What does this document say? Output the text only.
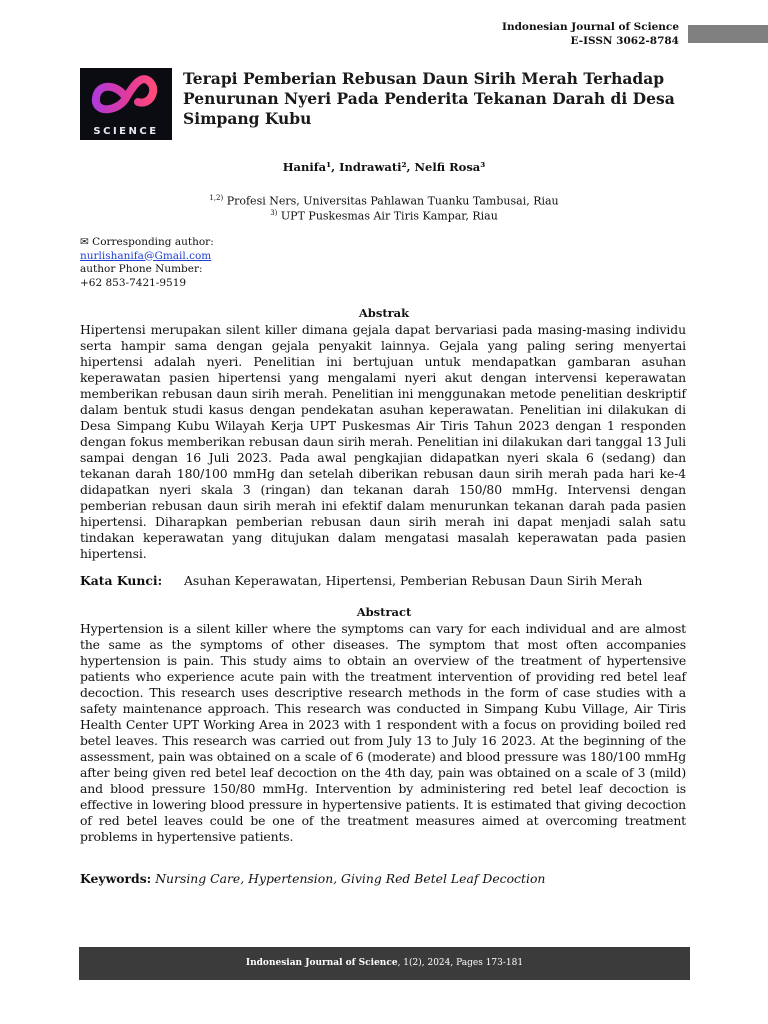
Indonesian Journal of Science
E-ISSN 3062-8784
SCIENCE
Terapi Pemberian Rebusan Daun Sirih Merah Terhadap Penurunan Nyeri Pada Penderita Tekanan Darah di Desa Simpang Kubu
Hanifa¹, Indrawati², Nelfi Rosa³
$^{1,2)}$ Profesi Ners, Universitas Pahlawan Tuanku Tambusai, Riau
$^{3)}$ UPT Puskesmas Air Tiris Kampar, Riau
✉ Corresponding author:
nurlishanifa@Gmail.com
author Phone Number:
+62 853-7421-9519
Abstrak

Hipertensi merupakan silent killer dimana gejala dapat bervariasi pada masing-masing individu serta hampir sama dengan gejala penyakit lainnya. Gejala yang paling sering menyertai hipertensi adalah nyeri. Penelitian ini bertujuan untuk mendapatkan gambaran asuhan keperawatan pasien hipertensi yang mengalami nyeri akut dengan intervensi keperawatan memberikan rebusan daun sirih merah. Penelitian ini menggunakan metode penelitian deskriptif dalam bentuk studi kasus dengan pendekatan asuhan keperawatan. Penelitian ini dilakukan di Desa Simpang Kubu Wilayah Kerja UPT Puskesmas Air Tiris Tahun 2023 dengan 1 responden dengan fokus memberikan rebusan daun sirih merah. Penelitian ini dilakukan dari tanggal 13 Juli sampai dengan 16 Juli 2023. Pada awal pengkajian didapatkan nyeri skala 6 (sedang) dan tekanan darah 180/100 mmHg dan setelah diberikan rebusan daun sirih merah pada hari ke-4 didapatkan nyeri skala 3 (ringan) dan tekanan darah 150/80 mmHg. Intervensi dengan pemberian rebusan daun sirih merah ini efektif dalam menurunkan tekanan darah pada pasien hipertensi. Diharapkan pemberian rebusan daun sirih merah ini dapat menjadi salah satu tindakan keperawatan yang ditujukan dalam mengatasi masalah keperawatan pada pasien hipertensi.

Kata Kunci: Asuhan Keperawatan, Hipertensi, Pemberian Rebusan Daun Sirih Merah
Abstract

Hypertension is a silent killer where the symptoms can vary for each individual and are almost the same as the symptoms of other diseases. The symptom that most often accompanies hypertension is pain. This study aims to obtain an overview of the treatment of hypertensive patients who experience acute pain with the treatment intervention of providing red betel leaf decoction. This research uses descriptive research methods in the form of case studies with a safety maintenance approach. This research was conducted in Simpang Kubu Village, Air Tiris Health Center UPT Working Area in 2023 with 1 respondent with a focus on providing boiled red betel leaves. This research was carried out from July 13 to July 16 2023. At the beginning of the assessment, pain was obtained on a scale of 6 (moderate) and blood pressure was 180/100 mmHg after being given red betel leaf decoction on the 4th day, pain was obtained on a scale of 3 (mild) and blood pressure 150/80 mmHg. Intervention by administering red betel leaf decoction is effective in lowering blood pressure in hypertensive patients. It is estimated that giving decoction of red betel leaves could be one of the treatment measures aimed at overcoming treatment problems in hypertensive patients.

Keywords: Nursing Care, Hypertension, Giving Red Betel Leaf Decoction
Indonesian Journal of Science, 1(2), 2024, Pages 173-181
